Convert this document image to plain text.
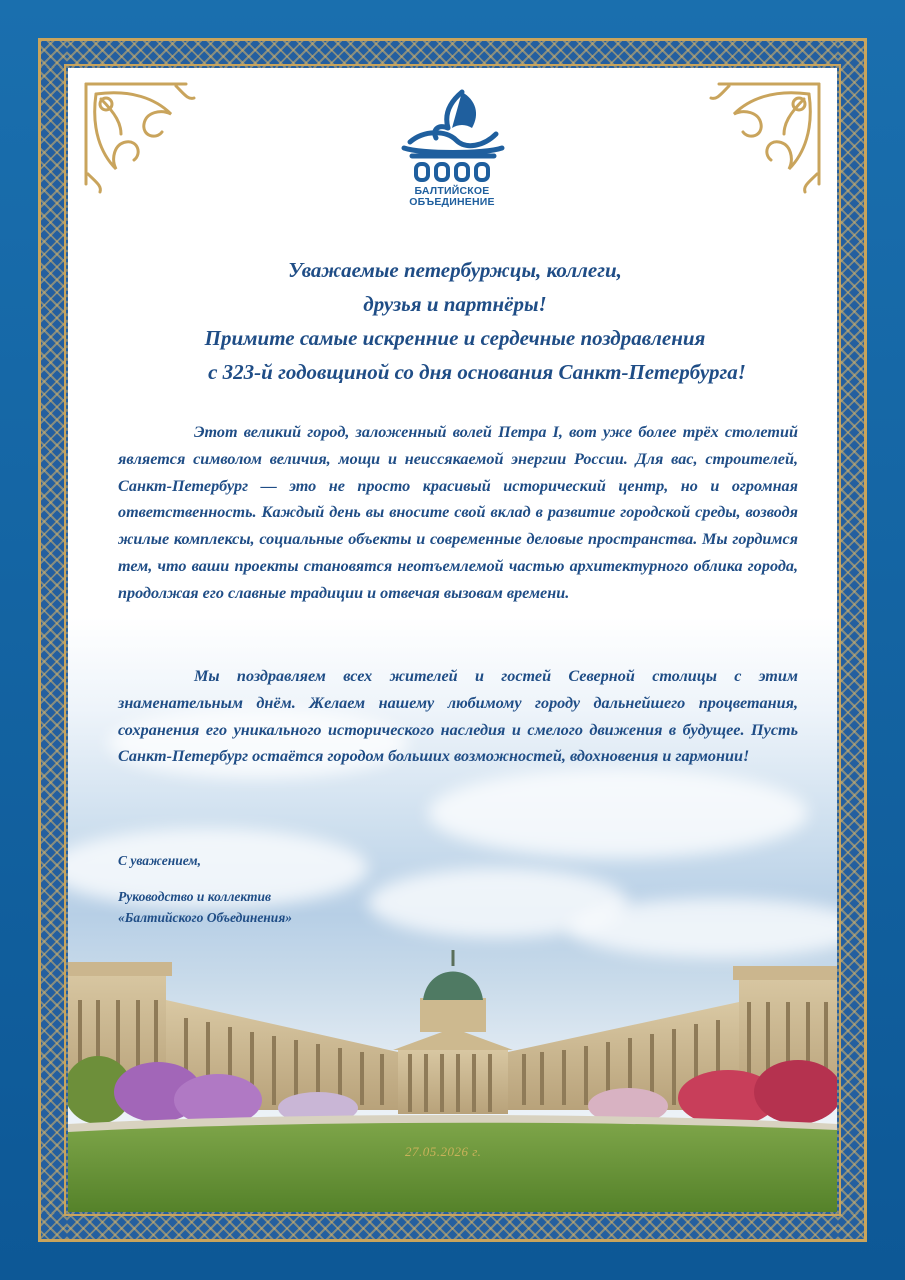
БАЛТИЙСКОЕ
ОБЪЕДИНЕНИЕ
Уважаемые петербуржцы, коллеги,
друзья и партнёры!
Примите самые искренние и сердечные поздравления
с 323-й годовщиной со дня основания Санкт-Петербурга!
Этот великий город, заложенный волей Петра I, вот уже более трёх столетий является символом величия, мощи и неиссякаемой энергии России. Для вас, строителей, Санкт-Петербург — это не просто красивый исторический центр, но и огромная ответственность. Каждый день вы вносите свой вклад в развитие городской среды, возводя жилые комплексы, социальные объекты и современные деловые пространства. Мы гордимся тем, что ваши проекты становятся неотъемлемой частью архитектурного облика города, продолжая его славные традиции и отвечая вызовам времени.
Мы поздравляем всех жителей и гостей Северной столицы с этим знаменательным днём. Желаем нашему любимому городу дальнейшего процветания, сохранения его уникального исторического наследия и смелого движения в будущее. Пусть Санкт-Петербург остаётся городом больших возможностей, вдохновения и гармонии!
С уважением,
Руководство и коллектив
«Балтийского Объединения»
27.05.2026 г.
